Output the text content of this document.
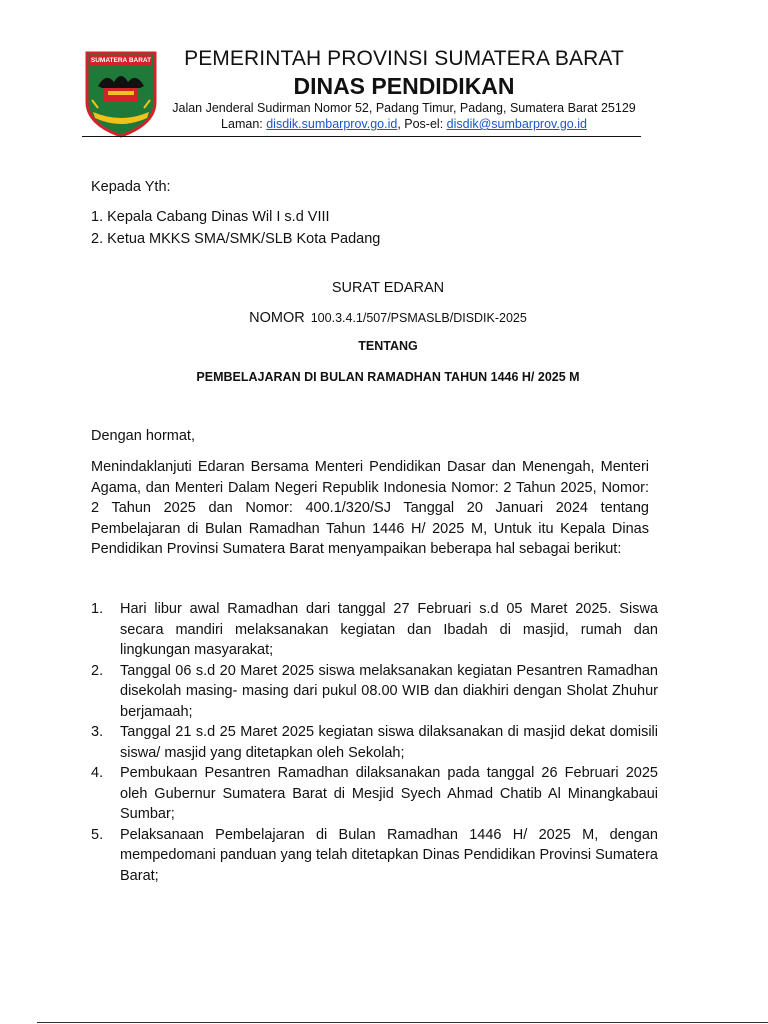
SUMATERA BARAT	PEMERINTAH PROVINSI SUMATERA BARAT
DINAS PENDIDIKAN
Jalan Jenderal Sudirman Nomor 52, Padang Timur, Padang, Sumatera Barat 25129
Laman: disdik.sumbarprov.go.id, Pos-el: disdik@sumbarprov.go.id
Kepada Yth:
1. Kepala Cabang Dinas Wil I s.d VIII
2. Ketua MKKS SMA/SMK/SLB Kota Padang
SURAT EDARAN
NOMOR 100.3.4.1/507/PSMASLB/DISDIK-2025
TENTANG
PEMBELAJARAN DI BULAN RAMADHAN TAHUN 1446 H/ 2025 M
Dengan hormat,
Menindaklanjuti Edaran Bersama Menteri Pendidikan Dasar dan Menengah, Menteri Agama, dan Menteri Dalam Negeri Republik Indonesia Nomor: 2 Tahun 2025, Nomor: 2 Tahun 2025 dan Nomor: 400.1/320/SJ Tanggal 20 Januari 2024 tentang Pembelajaran di Bulan Ramadhan Tahun 1446 H/ 2025 M, Untuk itu Kepala Dinas Pendidikan Provinsi Sumatera Barat menyampaikan beberapa hal sebagai berikut:
1. Hari libur awal Ramadhan dari tanggal 27 Februari s.d 05 Maret 2025. Siswa secara mandiri melaksanakan kegiatan dan Ibadah di masjid, rumah dan lingkungan masyarakat;
2. Tanggal 06 s.d 20 Maret 2025 siswa melaksanakan kegiatan Pesantren Ramadhan disekolah masing- masing dari pukul 08.00 WIB dan diakhiri dengan Sholat Zhuhur berjamaah;
3. Tanggal 21 s.d 25 Maret 2025 kegiatan siswa dilaksanakan di masjid dekat domisili siswa/ masjid yang ditetapkan oleh Sekolah;
4. Pembukaan Pesantren Ramadhan dilaksanakan pada tanggal 26 Februari 2025 oleh Gubernur Sumatera Barat di Mesjid Syech Ahmad Chatib Al Minangkabaui Sumbar;
5. Pelaksanaan Pembelajaran di Bulan Ramadhan 1446 H/ 2025 M, dengan mempedomani panduan yang telah ditetapkan Dinas Pendidikan Provinsi Sumatera Barat;
